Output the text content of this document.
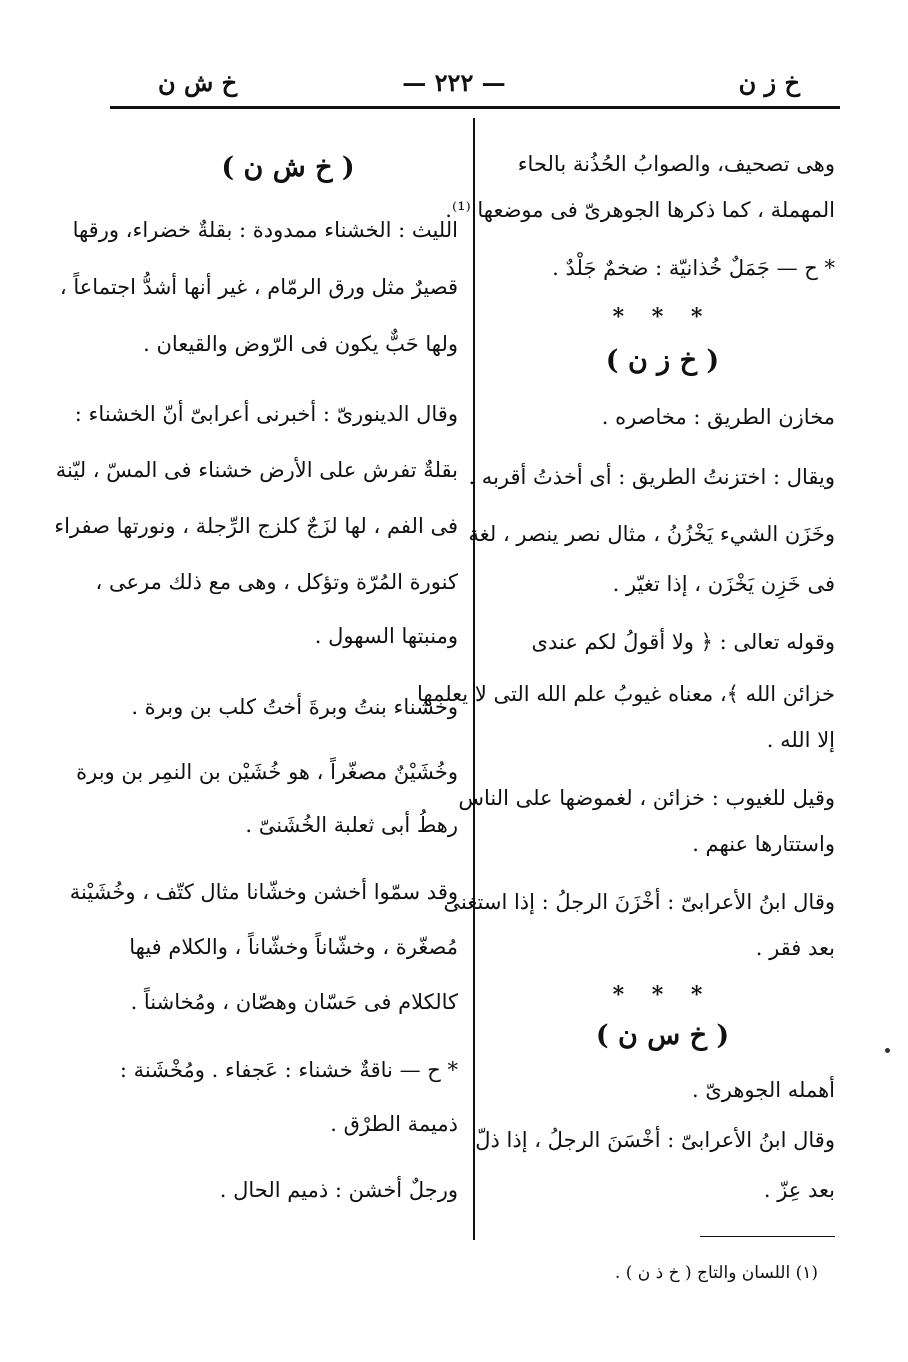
خ ز ن
— ٢٢٢ —
خ ش ن
وهى تصحيف، والصوابُ الحُذُنة بالحاء
المهملة ، كما ذكرها الجوهرىّ فى موضعها ⁽¹⁾.
* ح — جَمَلٌ خُذانيّة : ضخمٌ جَلْدٌ .
* * *
( خ ز ن )
مخازن الطريق : مخاصره .
ويقال : اختزنتُ الطريق : أى أخذتُ أقربه .
وخَزَن الشيء يَخْزُنُ ، مثال نصر ينصر ، لغة
فى خَزِن يَخْزَن ، إذا تغيّر .
وقوله تعالى : ﴿ ولا أقولُ لكم عندى
خزائن الله ﴾، معناه غيوبُ علم الله التى لا يعلمها
إلا الله .
وقيل للغيوب : خزائن ، لغموضها على الناس
واستتارها عنهم .
وقال ابنُ الأعرابىّ : أخْزَنَ الرجلُ : إذا استغنى
بعد فقر .
* * *
( خ س ن )
أهمله الجوهرىّ .
وقال ابنُ الأعرابىّ : أخْسَنَ الرجلُ ، إذا ذلّ
بعد عِزّ .
( خ ش ن )
الليث : الخشناء ممدودة : بقلةٌ خضراء، ورقها
قصيرٌ مثل ورق الرمّام ، غير أنها أشدُّ اجتماعاً ،
ولها حَبٌّ يكون فى الرّوض والقيعان .
وقال الدينورىّ : أخبرنى أعرابىّ أنّ الخشناء :
بقلةٌ تفرش على الأرض خشناء فى المسّ ، ليّنة
فى الفم ، لها لزَجٌ كلزج الرِّجلة ، ونورتها صفراء
كنورة المُرّة وتؤكل ، وهى مع ذلك مرعى ،
ومنبتها السهول .
وخشناء بنتُ وبرةَ أختُ كلب بن وبرة .
وخُشَيْنٌ مصغّراً ، هو خُشَيْن بن النمِر بن وبرة
رهطُ أبى ثعلبة الخُشَنىّ .
وقد سمّوا أخشن وخشّانا مثال كتّف ، وخُشَيْنة
مُصغّرة ، وخشّاناً وخشّاناً ، والكلام فيها
كالكلام فى حَسّان وهصّان ، ومُخاشناً .
* ح — ناقةٌ خشناء : عَجفاء . ومُخْشَنة :
ذميمة الطرْق .
ورجلٌ أخشن : ذميم الحال .
(١) اللسان والتاج ( خ ذ ن ) .
